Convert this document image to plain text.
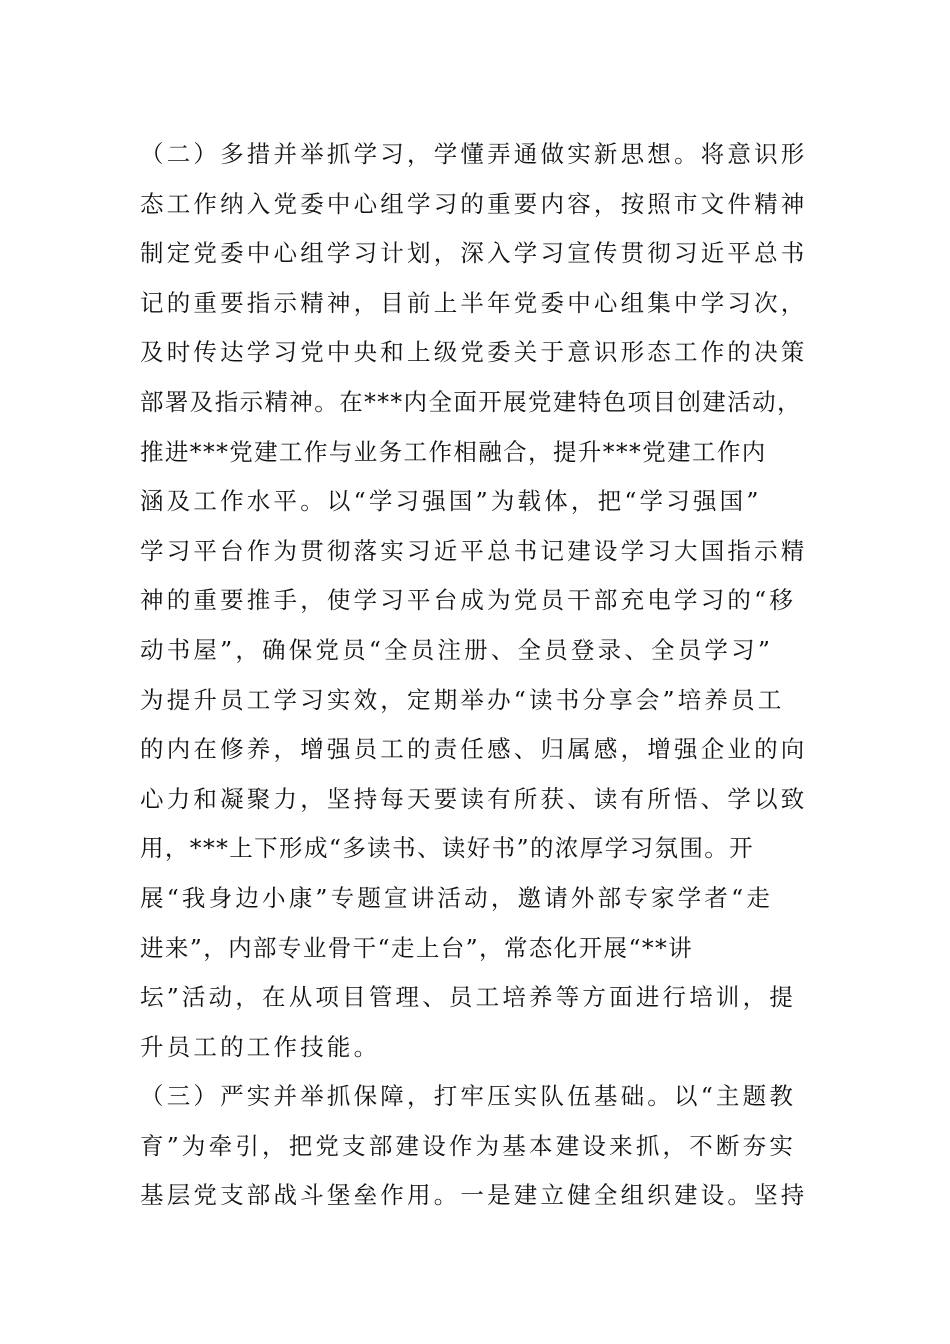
（二）多措并举抓学习，学懂弄通做实新思想。将意识形
态工作纳入党委中心组学习的重要内容，按照市文件精神
制定党委中心组学习计划，深入学习宣传贯彻习近平总书
记的重要指示精神，目前上半年党委中心组集中学习次，
及时传达学习党中央和上级党委关于意识形态工作的决策
部署及指示精神。在***内全面开展党建特色项目创建活动，
推进***党建工作与业务工作相融合，提升***党建工作内
涵及工作水平。以“学习强国”为载体，把“学习强国”
学习平台作为贯彻落实习近平总书记建设学习大国指示精
神的重要推手，使学习平台成为党员干部充电学习的“移
动书屋”，确保党员“全员注册、全员登录、全员学习”
为提升员工学习实效，定期举办“读书分享会”培养员工
的内在修养，增强员工的责任感、归属感，增强企业的向
心力和凝聚力，坚持每天要读有所获、读有所悟、学以致
用，***上下形成“多读书、读好书”的浓厚学习氛围。开
展“我身边小康”专题宣讲活动，邀请外部专家学者“走
进来”，内部专业骨干“走上台”，常态化开展“**讲
坛”活动，在从项目管理、员工培养等方面进行培训，提
升员工的工作技能。
（三）严实并举抓保障，打牢压实队伍基础。以“主题教
育”为牵引，把党支部建设作为基本建设来抓，不断夯实
基层党支部战斗堡垒作用。一是建立健全组织建设。坚持
